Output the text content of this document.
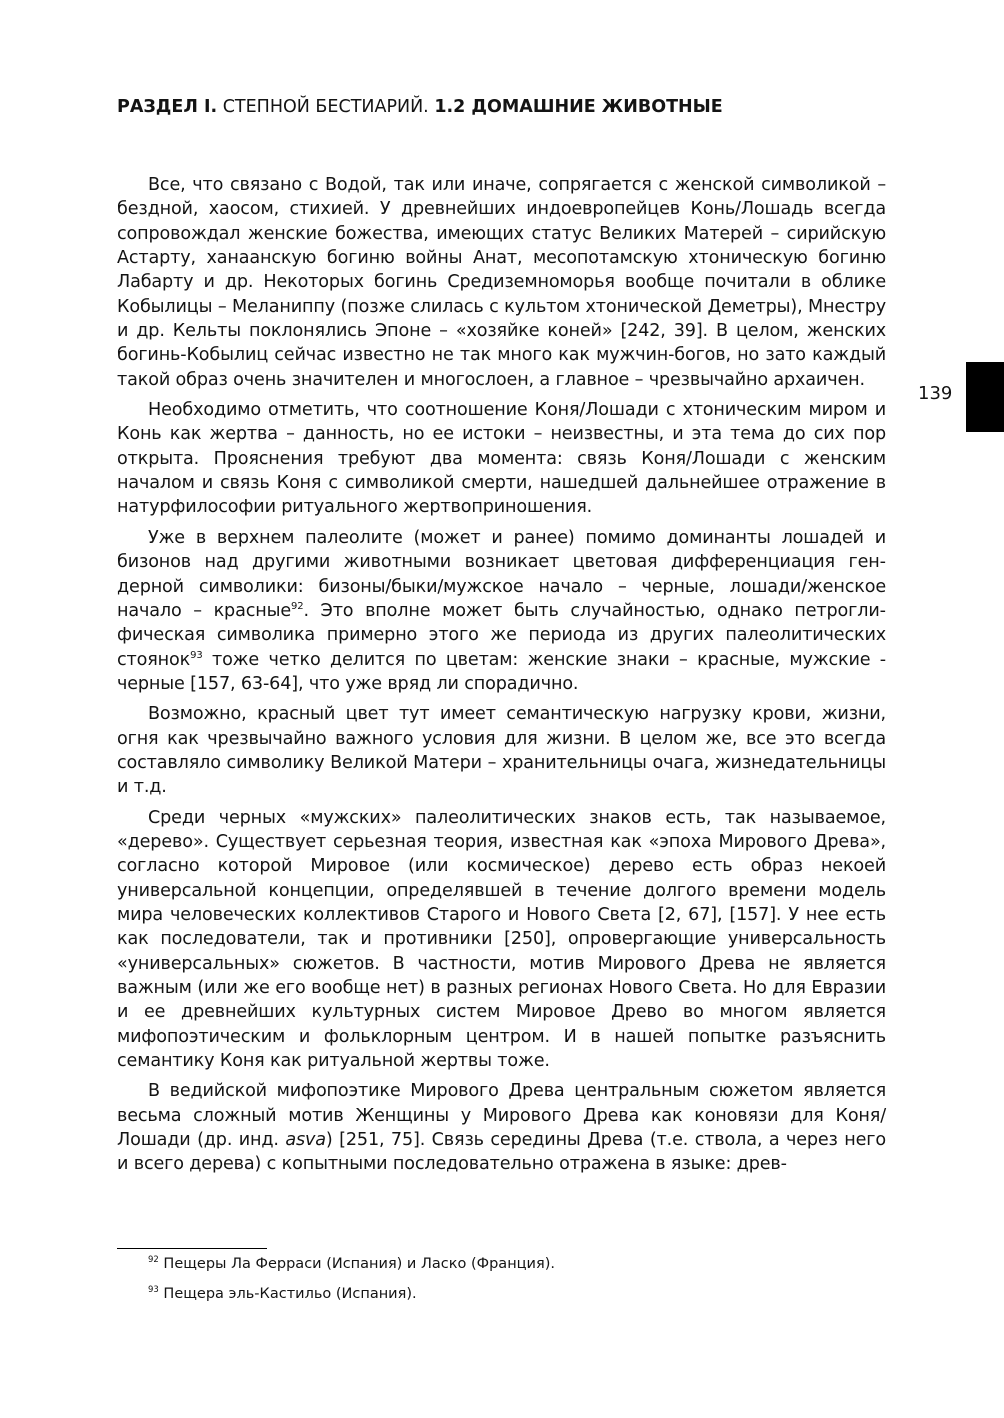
РАЗДЕЛ I. СТЕПНОЙ БЕСТИАРИЙ. 1.2 ДОМАШНИЕ ЖИВОТНЫЕ
139

Все, что связано с Водой, так или иначе, сопрягается с женской символикой – бездной, хаосом, стихией. У древнейших индоевропейцев Конь/Лошадь всегда сопровождал женские божества, имеющих статус Великих Матерей – сирийскую Астарту, ханаанскую богиню войны Анат, месопотамскую хтоническую богиню Лабарту и др. Некоторых богинь Средиземноморья вообще почитали в облике Кобылицы – Меланиппу (позже слилась с культом хтонической Деметры), Мнестру и др. Кельты поклонялись Эпоне – «хозяйке коней» [242, 39]. В целом, женских богинь-Кобылиц сейчас известно не так много как мужчин-богов, но зато каждый такой образ очень значителен и многослоен, а главное – чрезвычайно архаичен.

Необходимо отметить, что соотношение Коня/Лошади с хтоническим миром и Конь как жертва – данность, но ее истоки – неизвестны, и эта тема до сих пор открыта. Прояснения требуют два момента: связь Коня/Лошади с женским началом и связь Коня с символикой смерти, нашедшей дальнейшее отражение в натурфилософии ритуального жертвоприношения.

Уже в верхнем палеолите (может и ранее) помимо доминанты лошадей и бизонов над другими животными возникает цветовая дифференциация гендерной символики: бизоны/быки/мужское начало – черные, лошади/женское начало – красные$^{92}$. Это вполне может быть случайностью, однако петроглифическая символика примерно этого же периода из других палеолитических стоянок$^{93}$ тоже четко делится по цветам: женские знаки – красные, мужские - черные [157, 63-64], что уже вряд ли спорадично.

Возможно, красный цвет тут имеет семантическую нагрузку крови, жизни, огня как чрезвычайно важного условия для жизни. В целом же, все это всегда составляло символику Великой Матери – хранительницы очага, жизнедательницы и т.д.

Среди черных «мужских» палеолитических знаков есть, так называемое, «дерево». Существует серьезная теория, известная как «эпоха Мирового Древа», согласно которой Мировое (или космическое) дерево есть образ некоей универсальной концепции, определявшей в течение долгого времени модель мира человеческих коллективов Старого и Нового Света [2, 67], [157]. У нее есть как последователи, так и противники [250], опровергающие универсальность «универсальных» сюжетов. В частности, мотив Мирового Древа не является важным (или же его вообще нет) в разных регионах Нового Света. Но для Евразии и ее древнейших культурных систем Мировое Древо во многом является мифопоэтическим и фольклорным центром. И в нашей попытке разъяснить семантику Коня как ритуальной жертвы тоже.

В ведийской мифопоэтике Мирового Древа центральным сюжетом является весьма сложный мотив Женщины у Мирового Древа как коновязи для Коня/ Лошади (др. инд. asva) [251, 75]. Связь середины Древа (т.е. ствола, а через него и всего дерева) с копытными последовательно отражена в языке: древ-

$^{92}$ Пещеры Ла Ферраси (Испания) и Ласко (Франция).
$^{93}$ Пещера эль-Кастильо (Испания).
